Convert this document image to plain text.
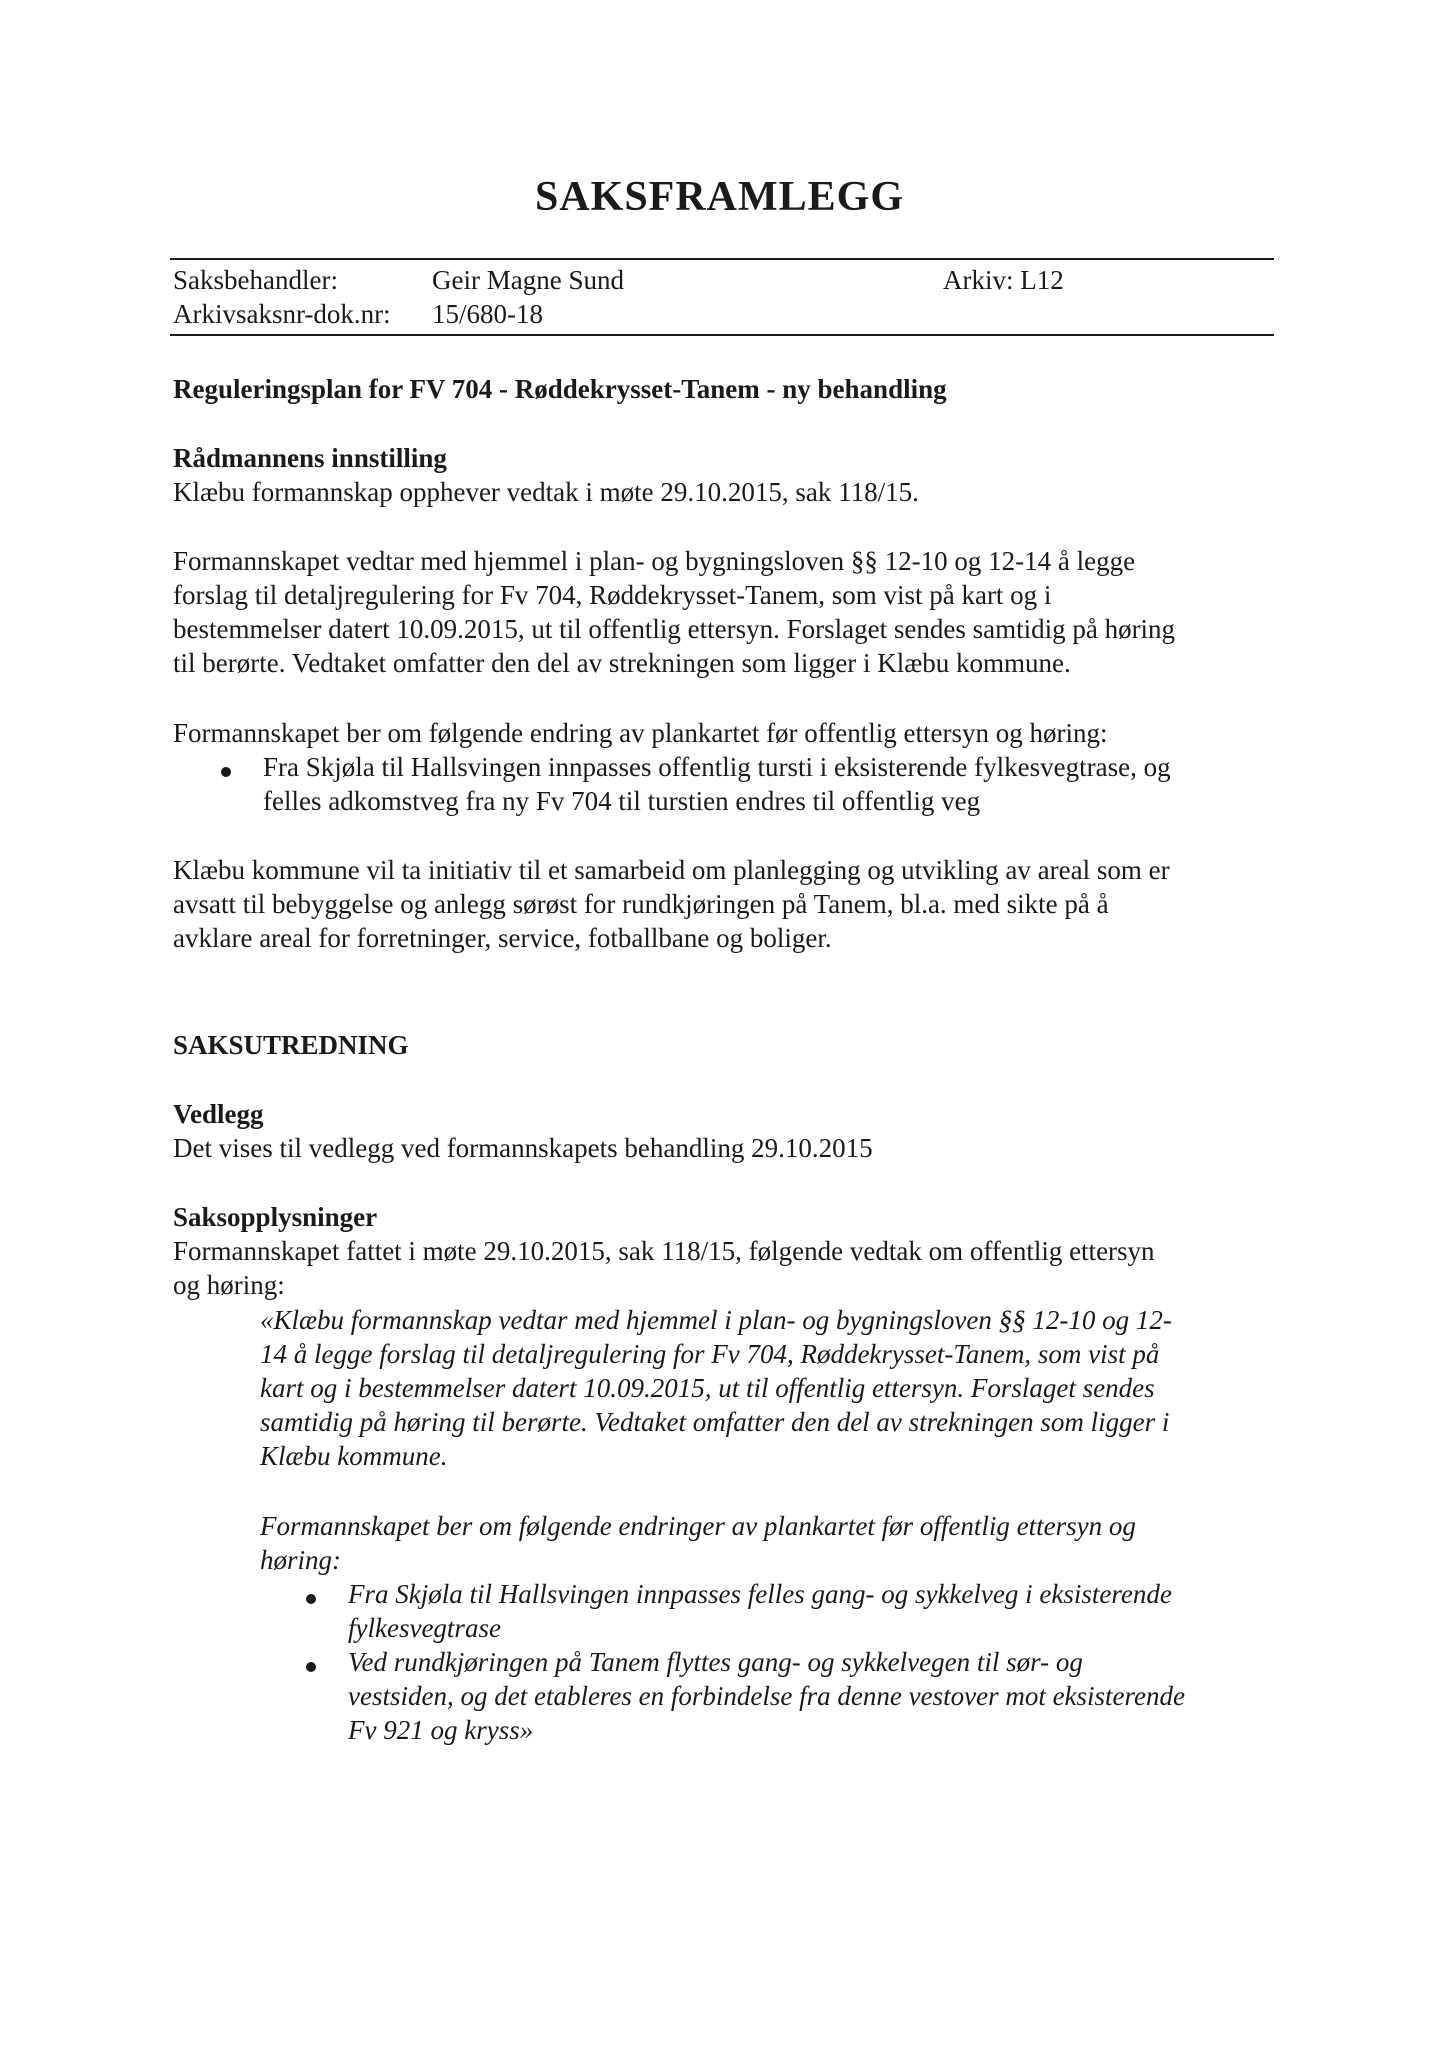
SAKSFRAMLEGG
Saksbehandler:	Geir Magne Sund	Arkiv: L12
Arkivsaksnr-dok.nr: 15/680-18
Reguleringsplan for FV 704 - Røddekrysset-Tanem - ny behandling
Rådmannens innstilling
Klæbu formannskap opphever vedtak i møte 29.10.2015, sak 118/15.
Formannskapet vedtar med hjemmel i plan- og bygningsloven §§ 12-10 og 12-14 å legge
forslag til detaljregulering for Fv 704, Røddekrysset-Tanem, som vist på kart og i
bestemmelser datert 10.09.2015, ut til offentlig ettersyn. Forslaget sendes samtidig på høring
til berørte. Vedtaket omfatter den del av strekningen som ligger i Klæbu kommune.
Formannskapet ber om følgende endring av plankartet før offentlig ettersyn og høring:
Fra Skjøla til Hallsvingen innpasses offentlig tursti i eksisterende fylkesvegtrase, og
felles adkomstveg fra ny Fv 704 til turstien endres til offentlig veg
Klæbu kommune vil ta initiativ til et samarbeid om planlegging og utvikling av areal som er
avsatt til bebyggelse og anlegg sørøst for rundkjøringen på Tanem, bl.a. med sikte på å
avklare areal for forretninger, service, fotballbane og boliger.
SAKSUTREDNING
Vedlegg
Det vises til vedlegg ved formannskapets behandling 29.10.2015
Saksopplysninger
Formannskapet fattet i møte 29.10.2015, sak 118/15, følgende vedtak om offentlig ettersyn
og høring:
«Klæbu formannskap vedtar med hjemmel i plan- og bygningsloven §§ 12-10 og 12-
14 å legge forslag til detaljregulering for Fv 704, Røddekrysset-Tanem, som vist på
kart og i bestemmelser datert 10.09.2015, ut til offentlig ettersyn. Forslaget sendes
samtidig på høring til berørte. Vedtaket omfatter den del av strekningen som ligger i
Klæbu kommune.
Formannskapet ber om følgende endringer av plankartet før offentlig ettersyn og
høring:
Fra Skjøla til Hallsvingen innpasses felles gang- og sykkelveg i eksisterende
fylkesvegtrase
Ved rundkjøringen på Tanem flyttes gang- og sykkelvegen til sør- og
vestsiden, og det etableres en forbindelse fra denne vestover mot eksisterende
Fv 921 og kryss»
